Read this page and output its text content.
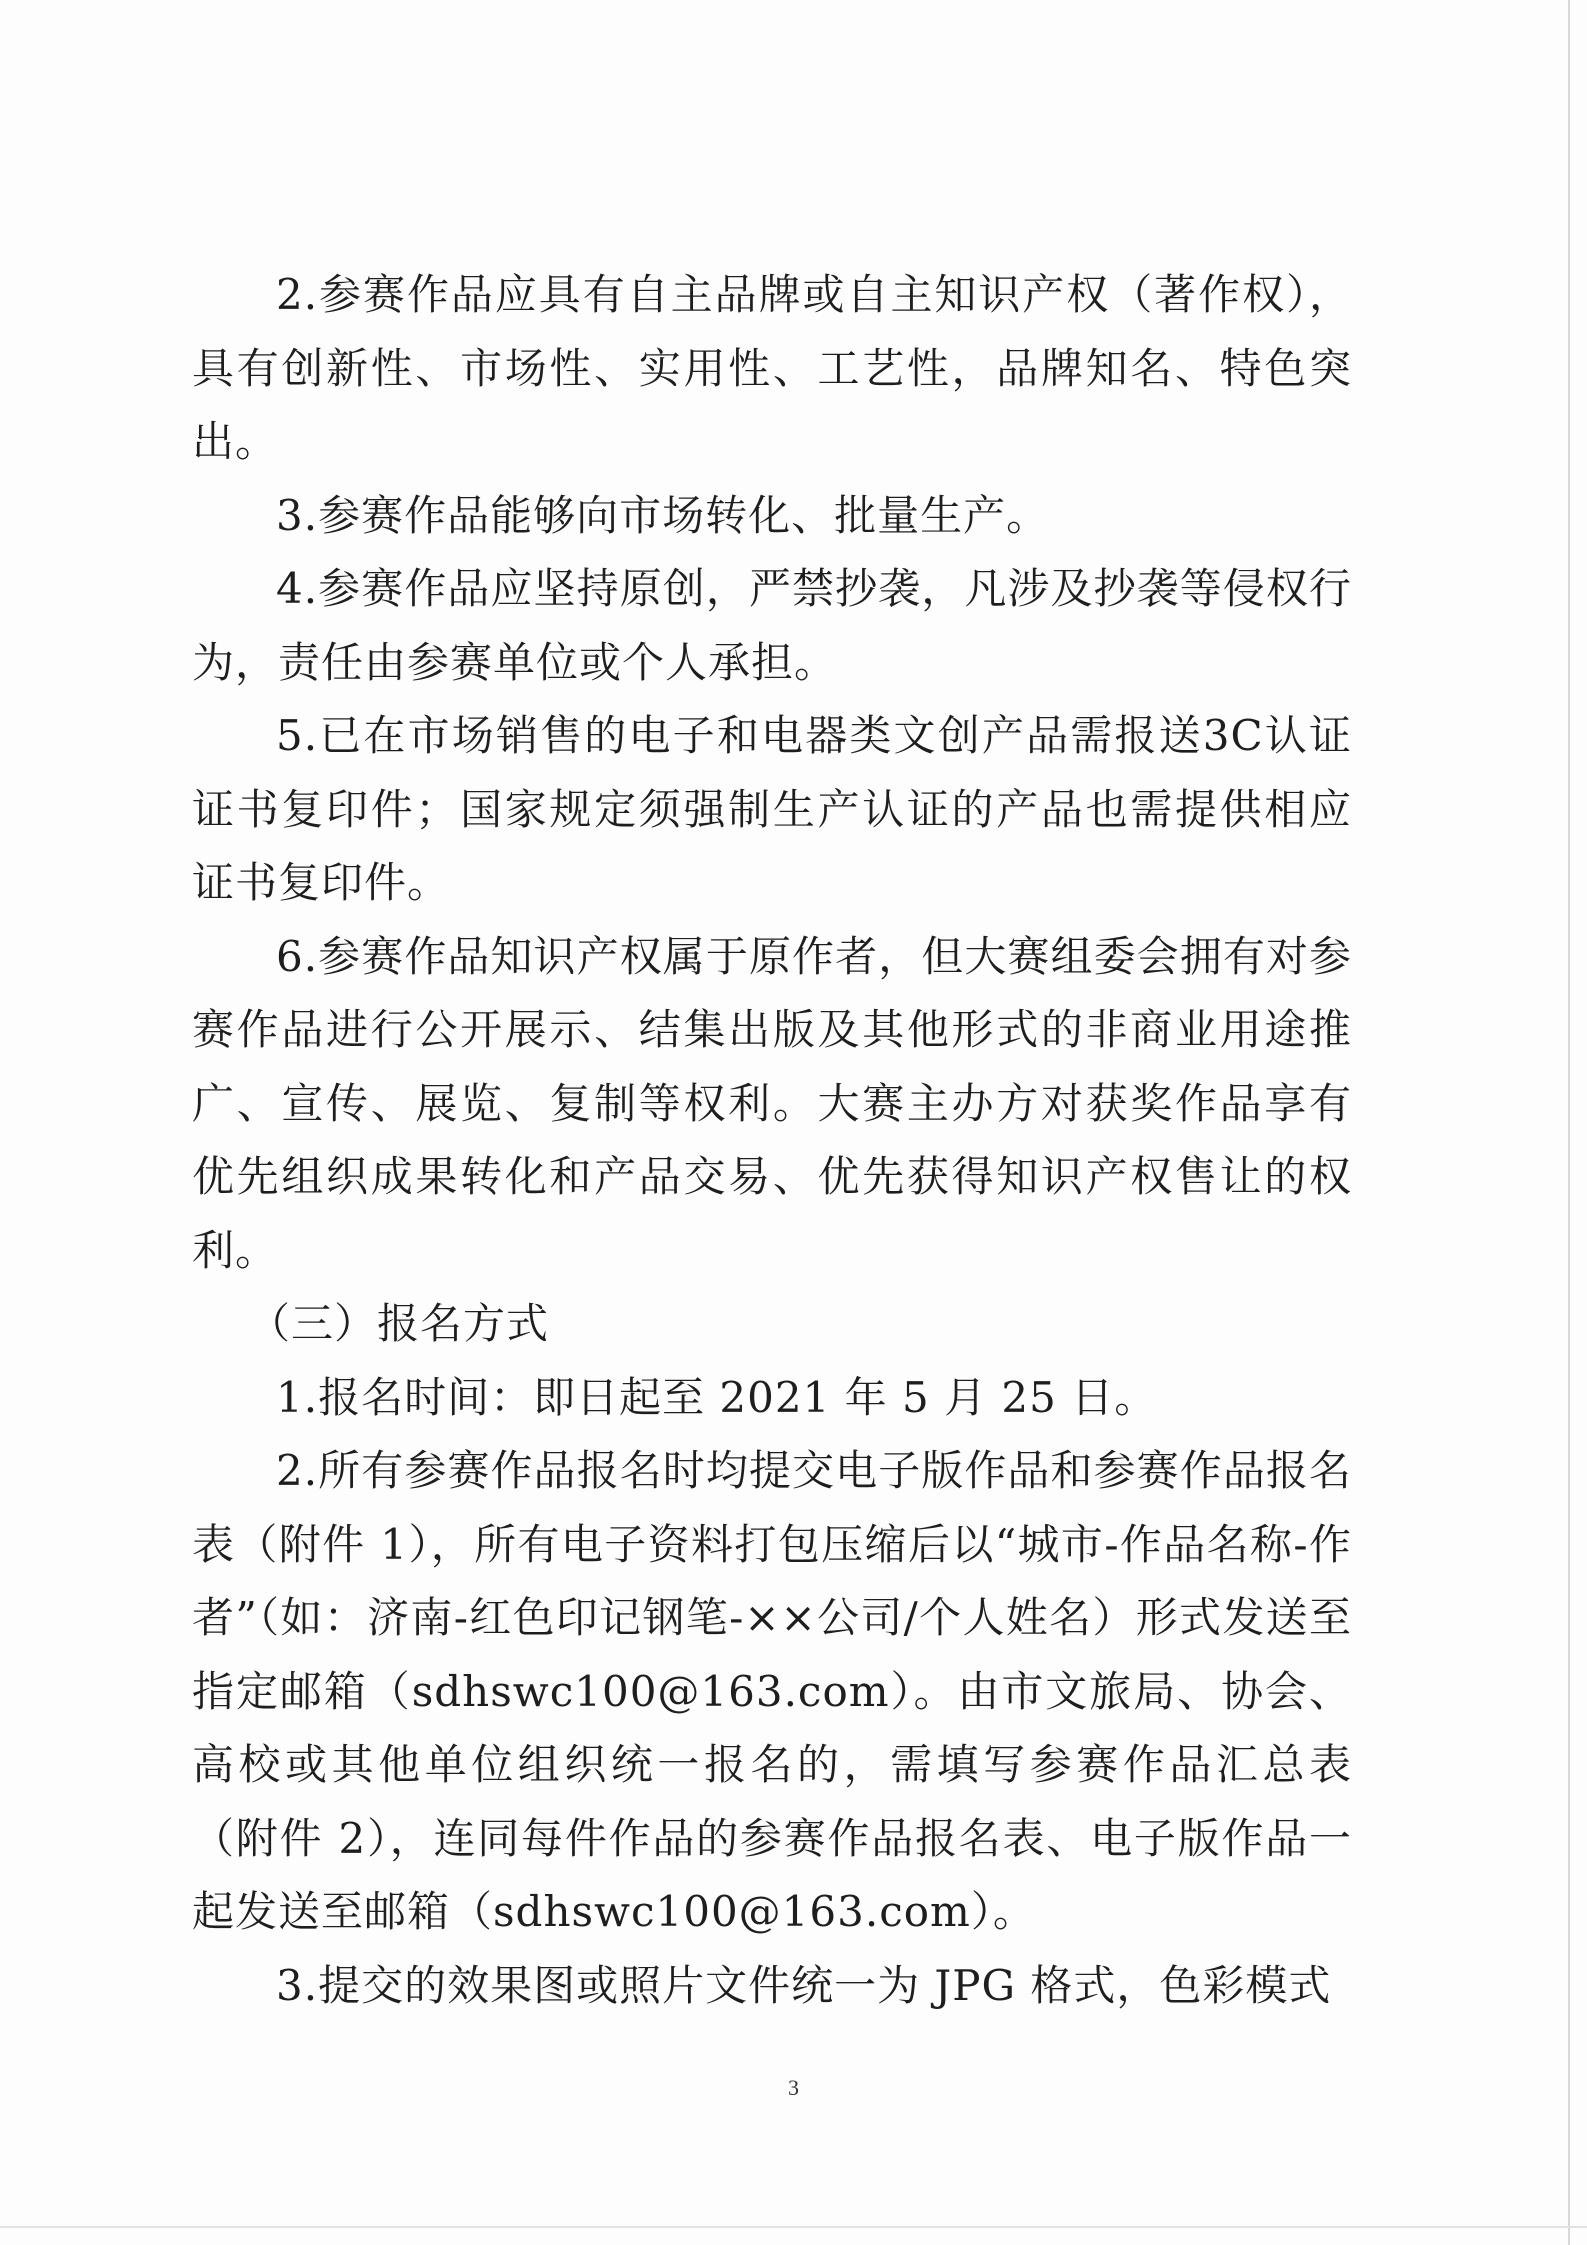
2.参赛作品应具有自主品牌或自主知识产权（著作权），具有创新性、市场性、实用性、工艺性，品牌知名、特色突出。

3.参赛作品能够向市场转化、批量生产。

4.参赛作品应坚持原创，严禁抄袭，凡涉及抄袭等侵权行为，责任由参赛单位或个人承担。

5.已在市场销售的电子和电器类文创产品需报送3C认证证书复印件；国家规定须强制生产认证的产品也需提供相应证书复印件。

6.参赛作品知识产权属于原作者，但大赛组委会拥有对参赛作品进行公开展示、结集出版及其他形式的非商业用途推广、宣传、展览、复制等权利。大赛主办方对获奖作品享有优先组织成果转化和产品交易、优先获得知识产权售让的权利。

（三）报名方式

1.报名时间：即日起至 2021 年 5 月 25 日。

2.所有参赛作品报名时均提交电子版作品和参赛作品报名表（附件 1），所有电子资料打包压缩后以“城市-作品名称-作者”（如：济南-红色印记钢笔-××公司/个人姓名）形式发送至指定邮箱（sdhswc100@163.com）。由市文旅局、协会、高校或其他单位组织统一报名的，需填写参赛作品汇总表（附件 2），连同每件作品的参赛作品报名表、电子版作品一起发送至邮箱（sdhswc100@163.com）。

3.提交的效果图或照片文件统一为 JPG 格式，色彩模式

3
